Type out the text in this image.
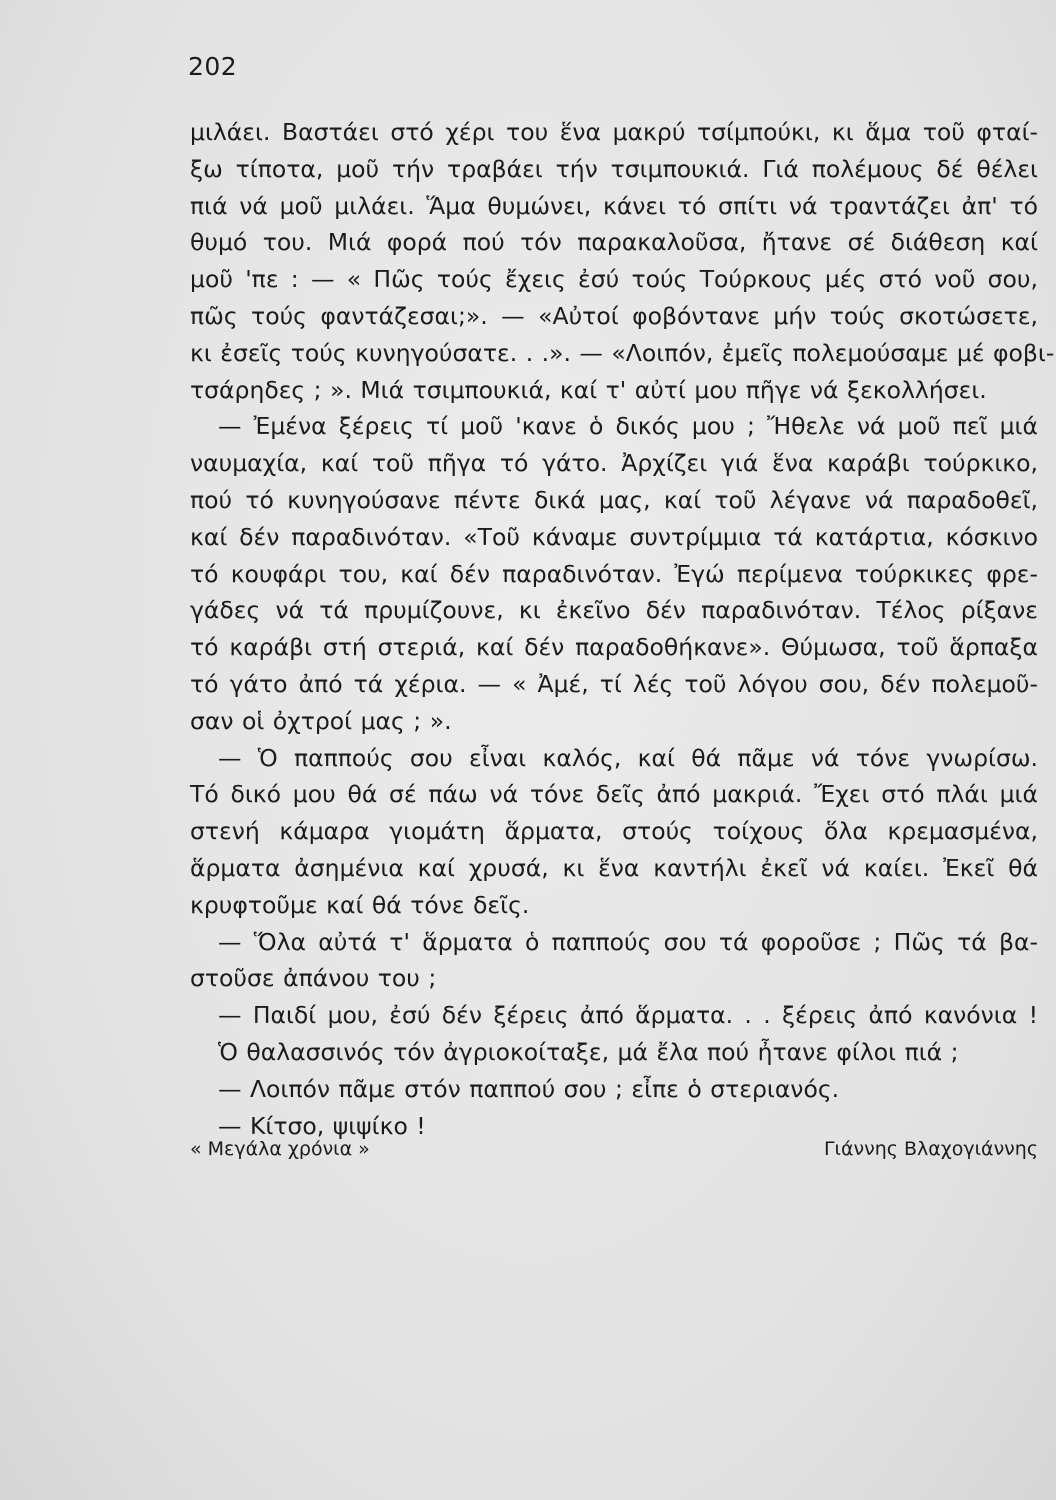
202
μιλάει. Βαστάει στό χέρι του ἕνα μακρύ τσίμπούκι, κι ἅμα τοῦ φταί-
ξω τίποτα, μοῦ τήν τραβάει τήν τσιμπουκιά. Γιά πολέμους δέ θέλει
πιά νά μοῦ μιλάει. Ἅμα θυμώνει, κάνει τό σπίτι νά τραντάζει ἀπ' τό
θυμό του. Μιά φορά πού τόν παρακαλοῦσα, ἤτανε σέ διάθεση καί
μοῦ 'πε : — « Πῶς τούς ἔχεις ἐσύ τούς Τούρκους μές στό νοῦ σου,
πῶς τούς φαντάζεσαι;». — «Αὐτοί φοβόντανε μήν τούς σκοτώσετε,
κι ἐσεῖς τούς κυνηγούσατε. . .». — «Λοιπόν, ἐμεῖς πολεμούσαμε μέ φοβι-
τσάρηδες ; ». Μιά τσιμπουκιά, καί τ' αὐτί μου πῆγε νά ξεκολλήσει.
— Ἐμένα ξέρεις τί μοῦ 'κανε ὁ δικός μου ; Ἤθελε νά μοῦ πεῖ μιά
ναυμαχία, καί τοῦ πῆγα τό γάτο. Ἀρχίζει γιά ἕνα καράβι τούρκικο,
πού τό κυνηγούσανε πέντε δικά μας, καί τοῦ λέγανε νά παραδοθεῖ,
καί δέν παραδινόταν. «Τοῦ κάναμε συντρίμμια τά κατάρτια, κόσκινο
τό κουφάρι του, καί δέν παραδινόταν. Ἐγώ περίμενα τούρκικες φρε-
γάδες νά τά πρυμίζουνε, κι ἐκεῖνο δέν παραδινόταν. Τέλος ρίξανε
τό καράβι στή στεριά, καί δέν παραδοθήκανε». Θύμωσα, τοῦ ἅρπαξα
τό γάτο ἀπό τά χέρια. — « Ἀμέ, τί λές τοῦ λόγου σου, δέν πολεμοῦ-
σαν οἱ ὀχτροί μας ; ».
— Ὁ παππούς σου εἶναι καλός, καί θά πᾶμε νά τόνε γνωρίσω.
Τό δικό μου θά σέ πάω νά τόνε δεῖς ἀπό μακριά. Ἔχει στό πλάι μιά
στενή κάμαρα γιομάτη ἅρματα, στούς τοίχους ὅλα κρεμασμένα,
ἅρματα ἀσημένια καί χρυσά, κι ἕνα καντήλι ἐκεῖ νά καίει. Ἐκεῖ θά
κρυφτοῦμε καί θά τόνε δεῖς.
— Ὅλα αὐτά τ' ἅρματα ὁ παππούς σου τά φοροῦσε ; Πῶς τά βα-
στοῦσε ἀπάνου του ;
— Παιδί μου, ἐσύ δέν ξέρεις ἀπό ἅρματα. . . ξέρεις ἀπό κανόνια !
Ὁ θαλασσινός τόν ἀγριοκοίταξε, μά ἔλα πού ἦτανε φίλοι πιά ;
— Λοιπόν πᾶμε στόν παππού σου ; εἶπε ὁ στεριανός.
— Κίτσο, ψιψίκο !
« Μεγάλα χρόνια »	Γιάννης Βλαχογιάννης
